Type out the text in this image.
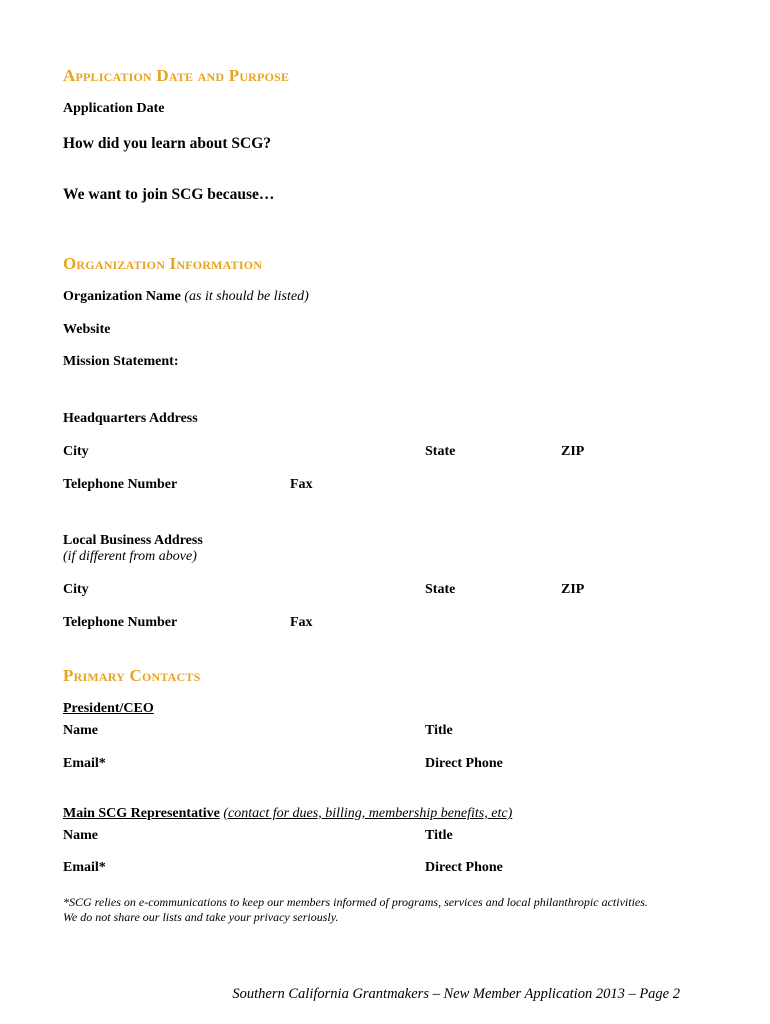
Application Date and Purpose
Application Date
How did you learn about SCG?
We want to join SCG because…
Organization Information
Organization Name (as it should be listed)
Website
Mission Statement:
Headquarters Address
City	State	ZIP
Telephone Number	Fax
Local Business Address
(if different from above)
City	State	ZIP
Telephone Number	Fax
Primary Contacts
President/CEO
Name	Title
Email*	Direct Phone
Main SCG Representative (contact for dues, billing, membership benefits, etc)
Name	Title
Email*	Direct Phone
*SCG relies on e-communications to keep our members informed of programs, services and local philanthropic activities.
We do not share our lists and take your privacy seriously.
Southern California Grantmakers – New Member Application 2013 – Page 2
